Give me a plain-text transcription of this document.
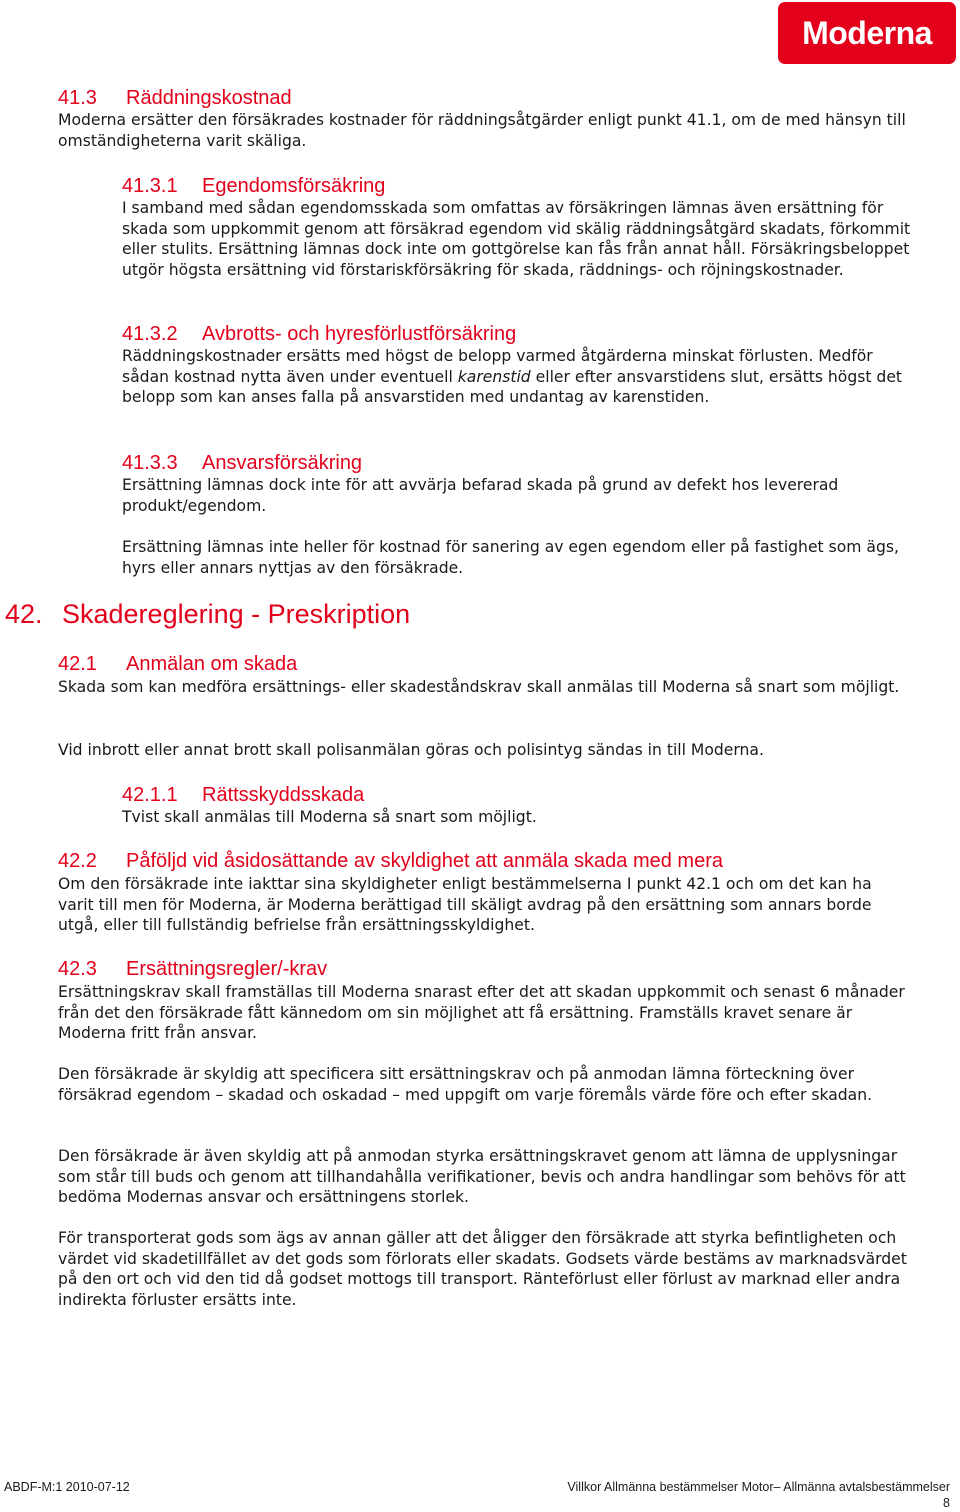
Moderna
41.3 Räddningskostnad

Moderna ersätter den försäkrades kostnader för räddningsåtgärder enligt punkt 41.1, om de med hänsyn till omständigheterna varit skäliga.

41.3.1 Egendomsförsäkring

I samband med sådan egendomsskada som omfattas av försäkringen lämnas även ersättning för skada som uppkommit genom att försäkrad egendom vid skälig räddningsåtgärd skadats, förkommit eller stulits. Ersättning lämnas dock inte om gottgörelse kan fås från annat håll. Försäkringsbeloppet utgör högsta ersättning vid förstariskförsäkring för skada, räddnings- och röjningskostnader.

41.3.2 Avbrotts- och hyresförlustförsäkring

Räddningskostnader ersätts med högst de belopp varmed åtgärderna minskat förlusten. Medför sådan kostnad nytta även under eventuell karenstid eller efter ansvarstidens slut, ersätts högst det belopp som kan anses falla på ansvarstiden med undantag av karenstiden.

41.3.3 Ansvarsförsäkring

Ersättning lämnas dock inte för att avvärja befarad skada på grund av defekt hos levererad produkt/egendom.

Ersättning lämnas inte heller för kostnad för sanering av egen egendom eller på fastighet som ägs, hyrs eller annars nyttjas av den försäkrade.

42. Skadereglering - Preskription
42.1 Anmälan om skada

Skada som kan medföra ersättnings- eller skadeståndskrav skall anmälas till Moderna så snart som möjligt.

Vid inbrott eller annat brott skall polisanmälan göras och polisintyg sändas in till Moderna.

42.1.1 Rättsskyddsskada

Tvist skall anmälas till Moderna så snart som möjligt.

42.2 Påföljd vid åsidosättande av skyldighet att anmäla skada med mera

Om den försäkrade inte iakttar sina skyldigheter enligt bestämmelserna I punkt 42.1 och om det kan ha varit till men för Moderna, är Moderna berättigad till skäligt avdrag på den ersättning som annars borde utgå, eller till fullständig befrielse från ersättningsskyldighet.

42.3 Ersättningsregler/-krav

Ersättningskrav skall framställas till Moderna snarast efter det att skadan uppkommit och senast 6 månader från det den försäkrade fått kännedom om sin möjlighet att få ersättning. Framställs kravet senare är Moderna fritt från ansvar.

Den försäkrade är skyldig att specificera sitt ersättningskrav och på anmodan lämna förteckning över försäkrad egendom – skadad och oskadad – med uppgift om varje föremåls värde före och efter skadan.

Den försäkrade är även skyldig att på anmodan styrka ersättningskravet genom att lämna de upplysningar som står till buds och genom att tillhandahålla verifikationer, bevis och andra handlingar som behövs för att bedöma Modernas ansvar och ersättningens storlek.

För transporterat gods som ägs av annan gäller att det åligger den försäkrade att styrka befintligheten och värdet vid skadetillfället av det gods som förlorats eller skadats. Godsets värde bestäms av marknadsvärdet på den ort och vid den tid då godset mottogs till transport. Ränteförlust eller förlust av marknad eller andra indirekta förluster ersätts inte.

ABDF-M:1 2010-07-12	Villkor Allmänna bestämmelser Motor– Allmänna avtalsbestämmelser
8
